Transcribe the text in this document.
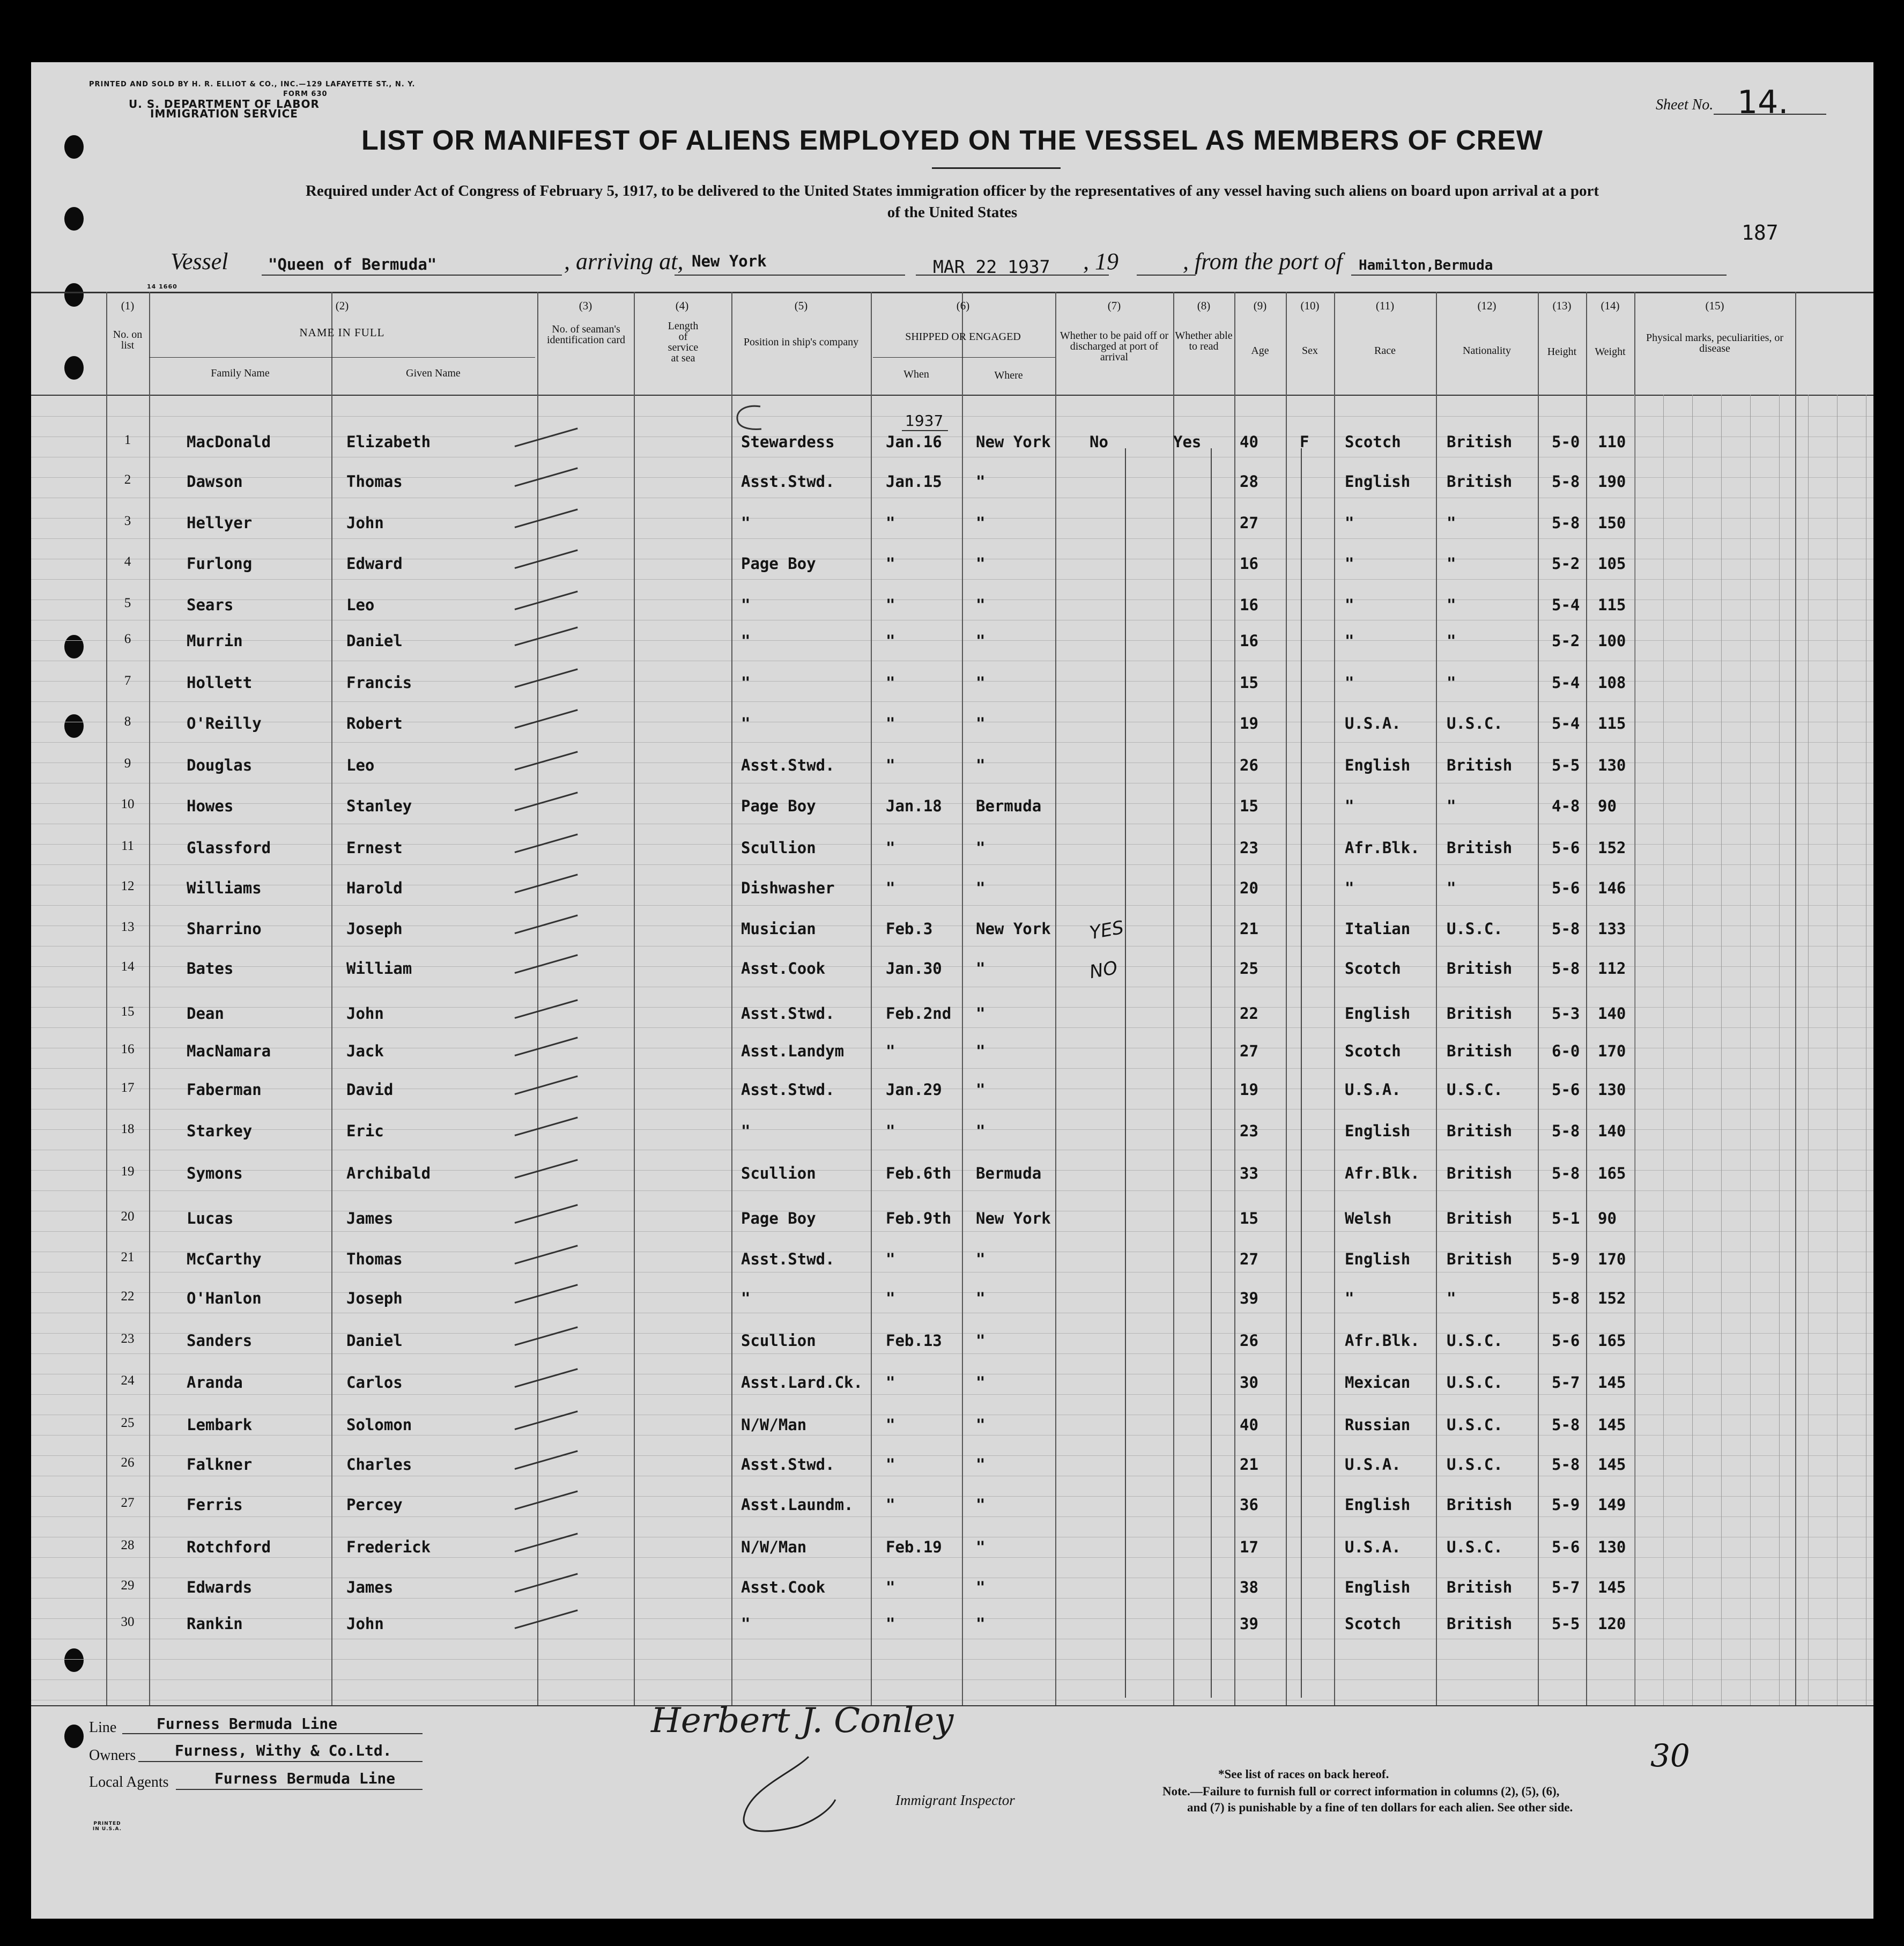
PRINTED AND SOLD BY H. R. ELLIOT & CO., INC.—129 LAFAYETTE ST., N. Y.
FORM 630
U. S. DEPARTMENT OF LABOR
IMMIGRATION SERVICE
Sheet No. 14.
LIST OR MANIFEST OF ALIENS EMPLOYED ON THE VESSEL AS MEMBERS OF CREW
Required under Act of Congress of February 5, 1917, to be delivered to the United States immigration officer by the representatives of any vessel having such aliens on board upon arrival at a port
of the United States
187
Vessel	"Queen of Bermuda"	, arriving at, New York	MAR 22 1937 , 19	, from the port of Hamilton,Bermuda
14 1660
(1)
No. on list
(2)
NAME IN FULL
Family Name	Given Name
(3)
No. of seaman's identification card
(4)
Length of service at sea
(5)
Position in ship's company
(6)
SHIPPED OR ENGAGED
When	Where
(7)
Whether to be paid off or discharged at port of arrival
(8)
Whether able to read
(9)
Age
(10)
Sex
(11)
Race
(12)
Nationality
(13)
Height
(14)
Weight
(15)
Physical marks, peculiarities, or disease
1937
1	MacDonald	Elizabeth	Stewardess	Jan.16 New York No	Yes 40	F Scotch	British	5-0 110
2	Dawson	Thomas	Asst.Stwd.	Jan.15 "	28	English British	5-8 190
3	Hellyer	John	"	"	"	27	"	"	5-8 150
4	Furlong	Edward	Page Boy	"	"	16	"	"	5-2 105
5	Sears	Leo	"	"	"	16	"	"	5-4 115
6	Murrin	Daniel	"	"	"	16	"	"	5-2 100
7	Hollett	Francis	"	"	"	15	"	"	5-4 108
8	O'Reilly	Robert	"	"	"	19	U.S.A.	U.S.C.	5-4 115
9	Douglas	Leo	Asst.Stwd.	"	"	26	English British	5-5 130
10	Howes	Stanley	Page Boy	Jan.18 Bermuda	15	"	"	4-8 90
11	Glassford	Ernest	Scullion	"	"	23	Afr.Blk. British	5-6 152
12	Williams	Harold	Dishwasher	"	"	20	"	"	5-6 146
13	Sharrino	Joseph	Musician	Feb.3	New York YES	21	Italian U.S.C.	5-8 133
14	Bates	William	Asst.Cook	Jan.30 "	NO	25	Scotch	British	5-8 112
15	Dean	John	Asst.Stwd.	Feb.2nd "	22	English British	5-3 140
16	MacNamara	Jack	Asst.Landym	"	"	27	Scotch	British	6-0 170
17	Faberman	David	Asst.Stwd.	Jan.29 "	19	U.S.A.	U.S.C.	5-6 130
18	Starkey	Eric	"	"	"	23	English British	5-8 140
19	Symons	Archibald	Scullion	Feb.6th Bermuda	33	Afr.Blk. British	5-8 165
20	Lucas	James	Page Boy	Feb.9th New York	15	Welsh	British	5-1 90
21	McCarthy	Thomas	Asst.Stwd.	"	"	27	English British	5-9 170
22	O'Hanlon	Joseph	"	"	"	39	"	"	5-8 152
23	Sanders	Daniel	Scullion	Feb.13 "	26	Afr.Blk. U.S.C.	5-6 165
24	Aranda	Carlos	Asst.Lard.Ck. "	"	30	Mexican U.S.C.	5-7 145
25	Lembark	Solomon	N/W/Man	"	"	40	Russian U.S.C.	5-8 145
26	Falkner	Charles	Asst.Stwd.	"	"	21	U.S.A.	U.S.C.	5-8 145
27	Ferris	Percey	Asst.Laundm. "	"	36	English British	5-9 149
28	Rotchford	Frederick	N/W/Man	Feb.19 "	17	U.S.A.	U.S.C.	5-6 130
29	Edwards	James	Asst.Cook	"	"	38	English British	5-7 145
30	Rankin	John	"	"	"	39	Scotch	British	5-5 120
Line	Furness Bermuda Line
Owners	Furness, Withy & Co.Ltd.
Local Agents	Furness Bermuda Line
Herbert J. Conley
Immigrant Inspector
30
*See list of races on back hereof.
Note.—Failure to furnish full or correct information in columns (2), (5), (6),
and (7) is punishable by a fine of ten dollars for each alien. See other side.
PRINTED IN U.S.A.
